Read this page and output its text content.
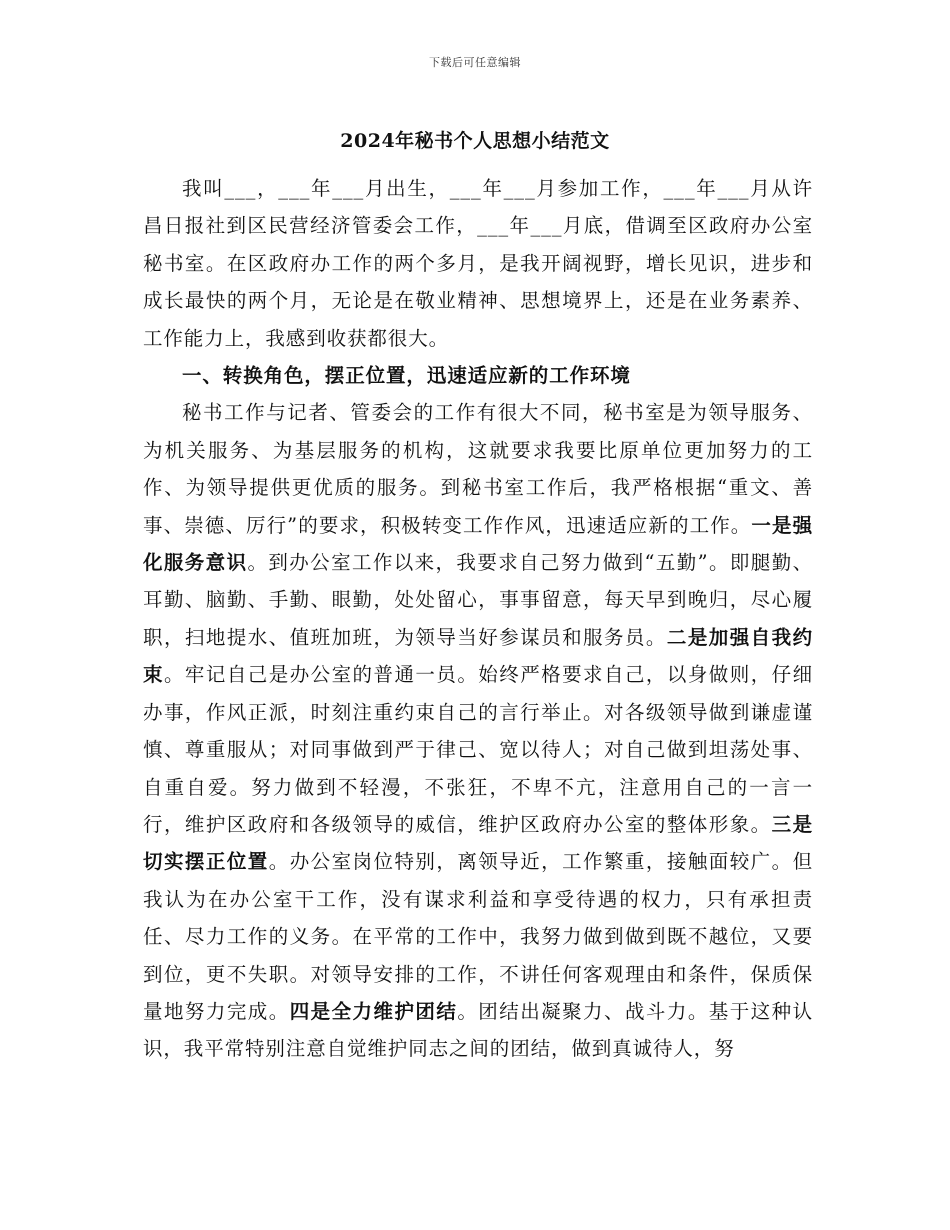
下载后可任意编辑
2024年秘书个人思想小结范文

我叫___，___年___月出生，___年___月参加工作，___年___月从许昌日报社到区民营经济管委会工作，___年___月底，借调至区政府办公室秘书室。在区政府办工作的两个多月，是我开阔视野，增长见识，进步和成长最快的两个月，无论是在敬业精神、思想境界上，还是在业务素养、工作能力上，我感到收获都很大。

一、转换角色，摆正位置，迅速适应新的工作环境

秘书工作与记者、管委会的工作有很大不同，秘书室是为领导服务、为机关服务、为基层服务的机构，这就要求我要比原单位更加努力的工作、为领导提供更优质的服务。到秘书室工作后，我严格根据“重文、善事、崇德、厉行”的要求，积极转变工作作风，迅速适应新的工作。一是强化服务意识。到办公室工作以来，我要求自己努力做到“五勤”。即腿勤、耳勤、脑勤、手勤、眼勤，处处留心，事事留意，每天早到晚归，尽心履职，扫地提水、值班加班，为领导当好参谋员和服务员。二是加强自我约束。牢记自己是办公室的普通一员。始终严格要求自己，以身做则，仔细办事，作风正派，时刻注重约束自己的言行举止。对各级领导做到谦虚谨慎、尊重服从；对同事做到严于律己、宽以待人；对自己做到坦荡处事、自重自爱。努力做到不轻漫，不张狂，不卑不亢，注意用自己的一言一行，维护区政府和各级领导的威信，维护区政府办公室的整体形象。三是切实摆正位置。办公室岗位特别，离领导近，工作繁重，接触面较广。但我认为在办公室干工作，没有谋求利益和享受待遇的权力，只有承担责任、尽力工作的义务。在平常的工作中，我努力做到做到既不越位，又要到位，更不失职。对领导安排的工作，不讲任何客观理由和条件，保质保量地努力完成。四是全力维护团结。团结出凝聚力、战斗力。基于这种认识，我平常特别注意自觉维护同志之间的团结，做到真诚待人，努
